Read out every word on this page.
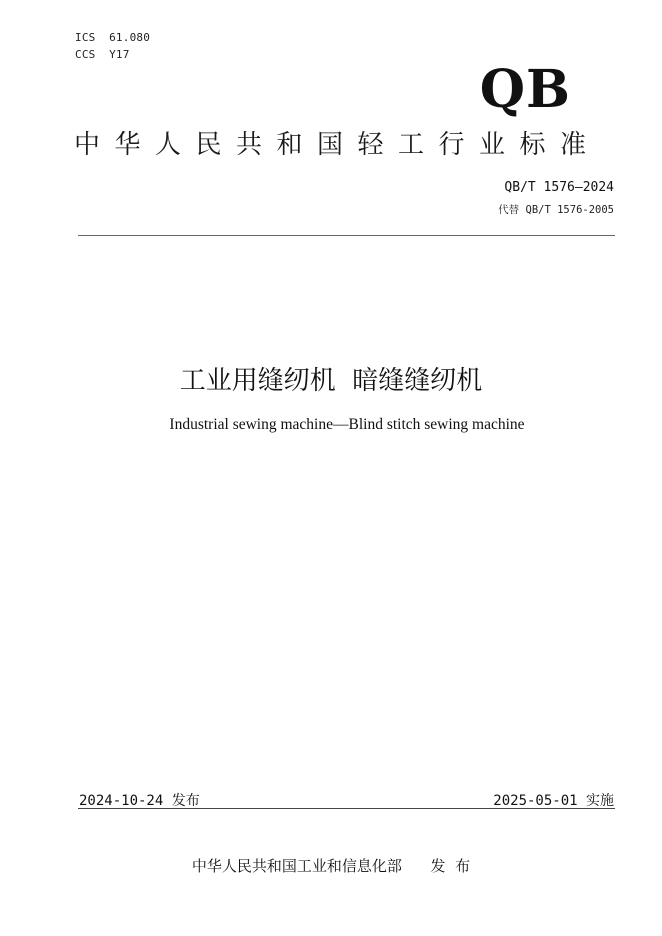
ICS  61.080
CCS  Y17
QB
中华人民共和国轻工行业标准
QB/T 1576—2024
代替 QB/T 1576-2005
工业用缝纫机  暗缝缝纫机
Industrial sewing machine—Blind stitch sewing machine
2024-10-24 发布	2025-05-01 实施
中华人民共和国工业和信息化部      发  布
